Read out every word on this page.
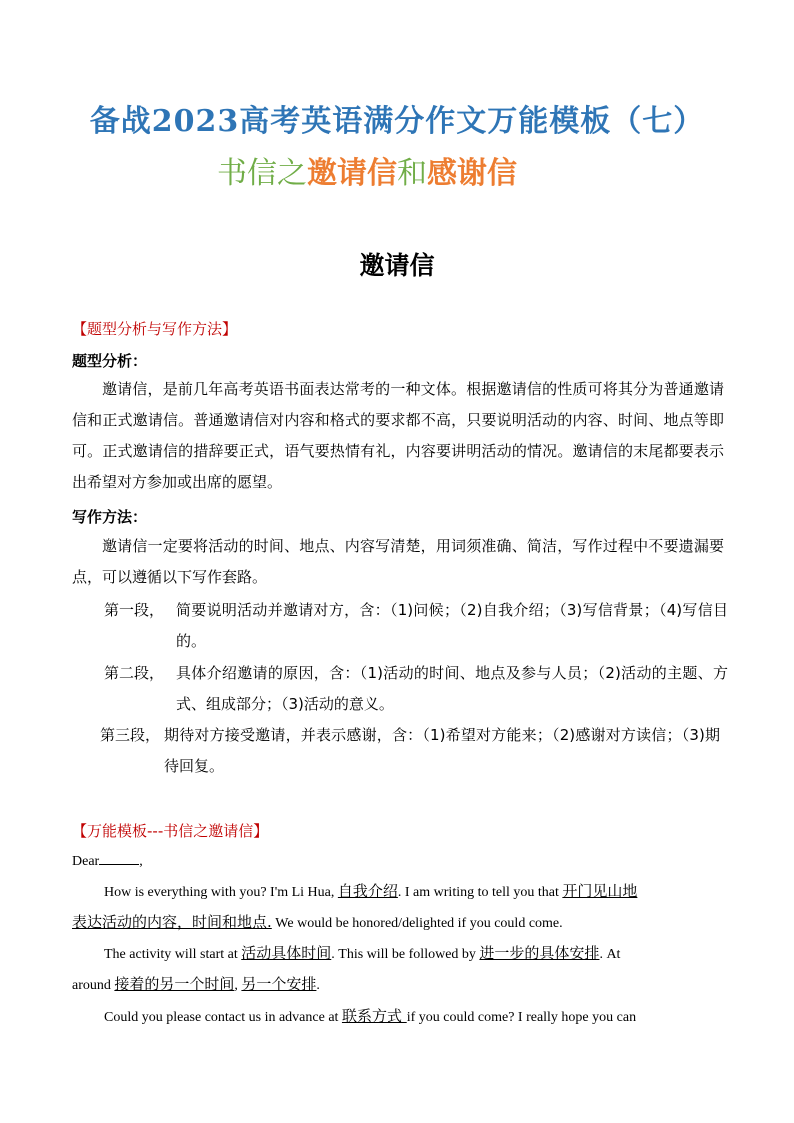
备战2023高考英语满分作文万能模板（七）
书信之邀请信和感谢信
邀请信
【题型分析与写作方法】
题型分析：
邀请信，是前几年高考英语书面表达常考的一种文体。根据邀请信的性质可将其分为普通邀请信和正式邀请信。普通邀请信对内容和格式的要求都不高，只要说明活动的内容、时间、地点等即可。正式邀请信的措辞要正式，语气要热情有礼，内容要讲明活动的情况。邀请信的末尾都要表示出希望对方参加或出席的愿望。
写作方法：
邀请信一定要将活动的时间、地点、内容写清楚，用词须准确、简洁，写作过程中不要遗漏要点，可以遵循以下写作套路。
第一段， 简要说明活动并邀请对方，含：（1)问候；（2)自我介绍；（3)写信背景；（4)写信目的。
第二段， 具体介绍邀请的原因，含：（1)活动的时间、地点及参与人员；（2)活动的主题、方式、组成部分；（3)活动的意义。
第三段， 期待对方接受邀请，并表示感谢，含：（1)希望对方能来；（2)感谢对方读信；（3)期待回复。
【万能模板---书信之邀请信】
Dear	,
How is everything with you? I'm Li Hua, 自我介绍. I am writing to tell you that 开门见山地
表达活动的内容，时间和地点. We would be honored/delighted if you could come.
The activity will start at 活动具体时间. This will be followed by 进一步的具体安排. At
around 接着的另一个时间, 另一个安排.
Could you please contact us in advance at 联系方式 if you could come? I really hope you can
